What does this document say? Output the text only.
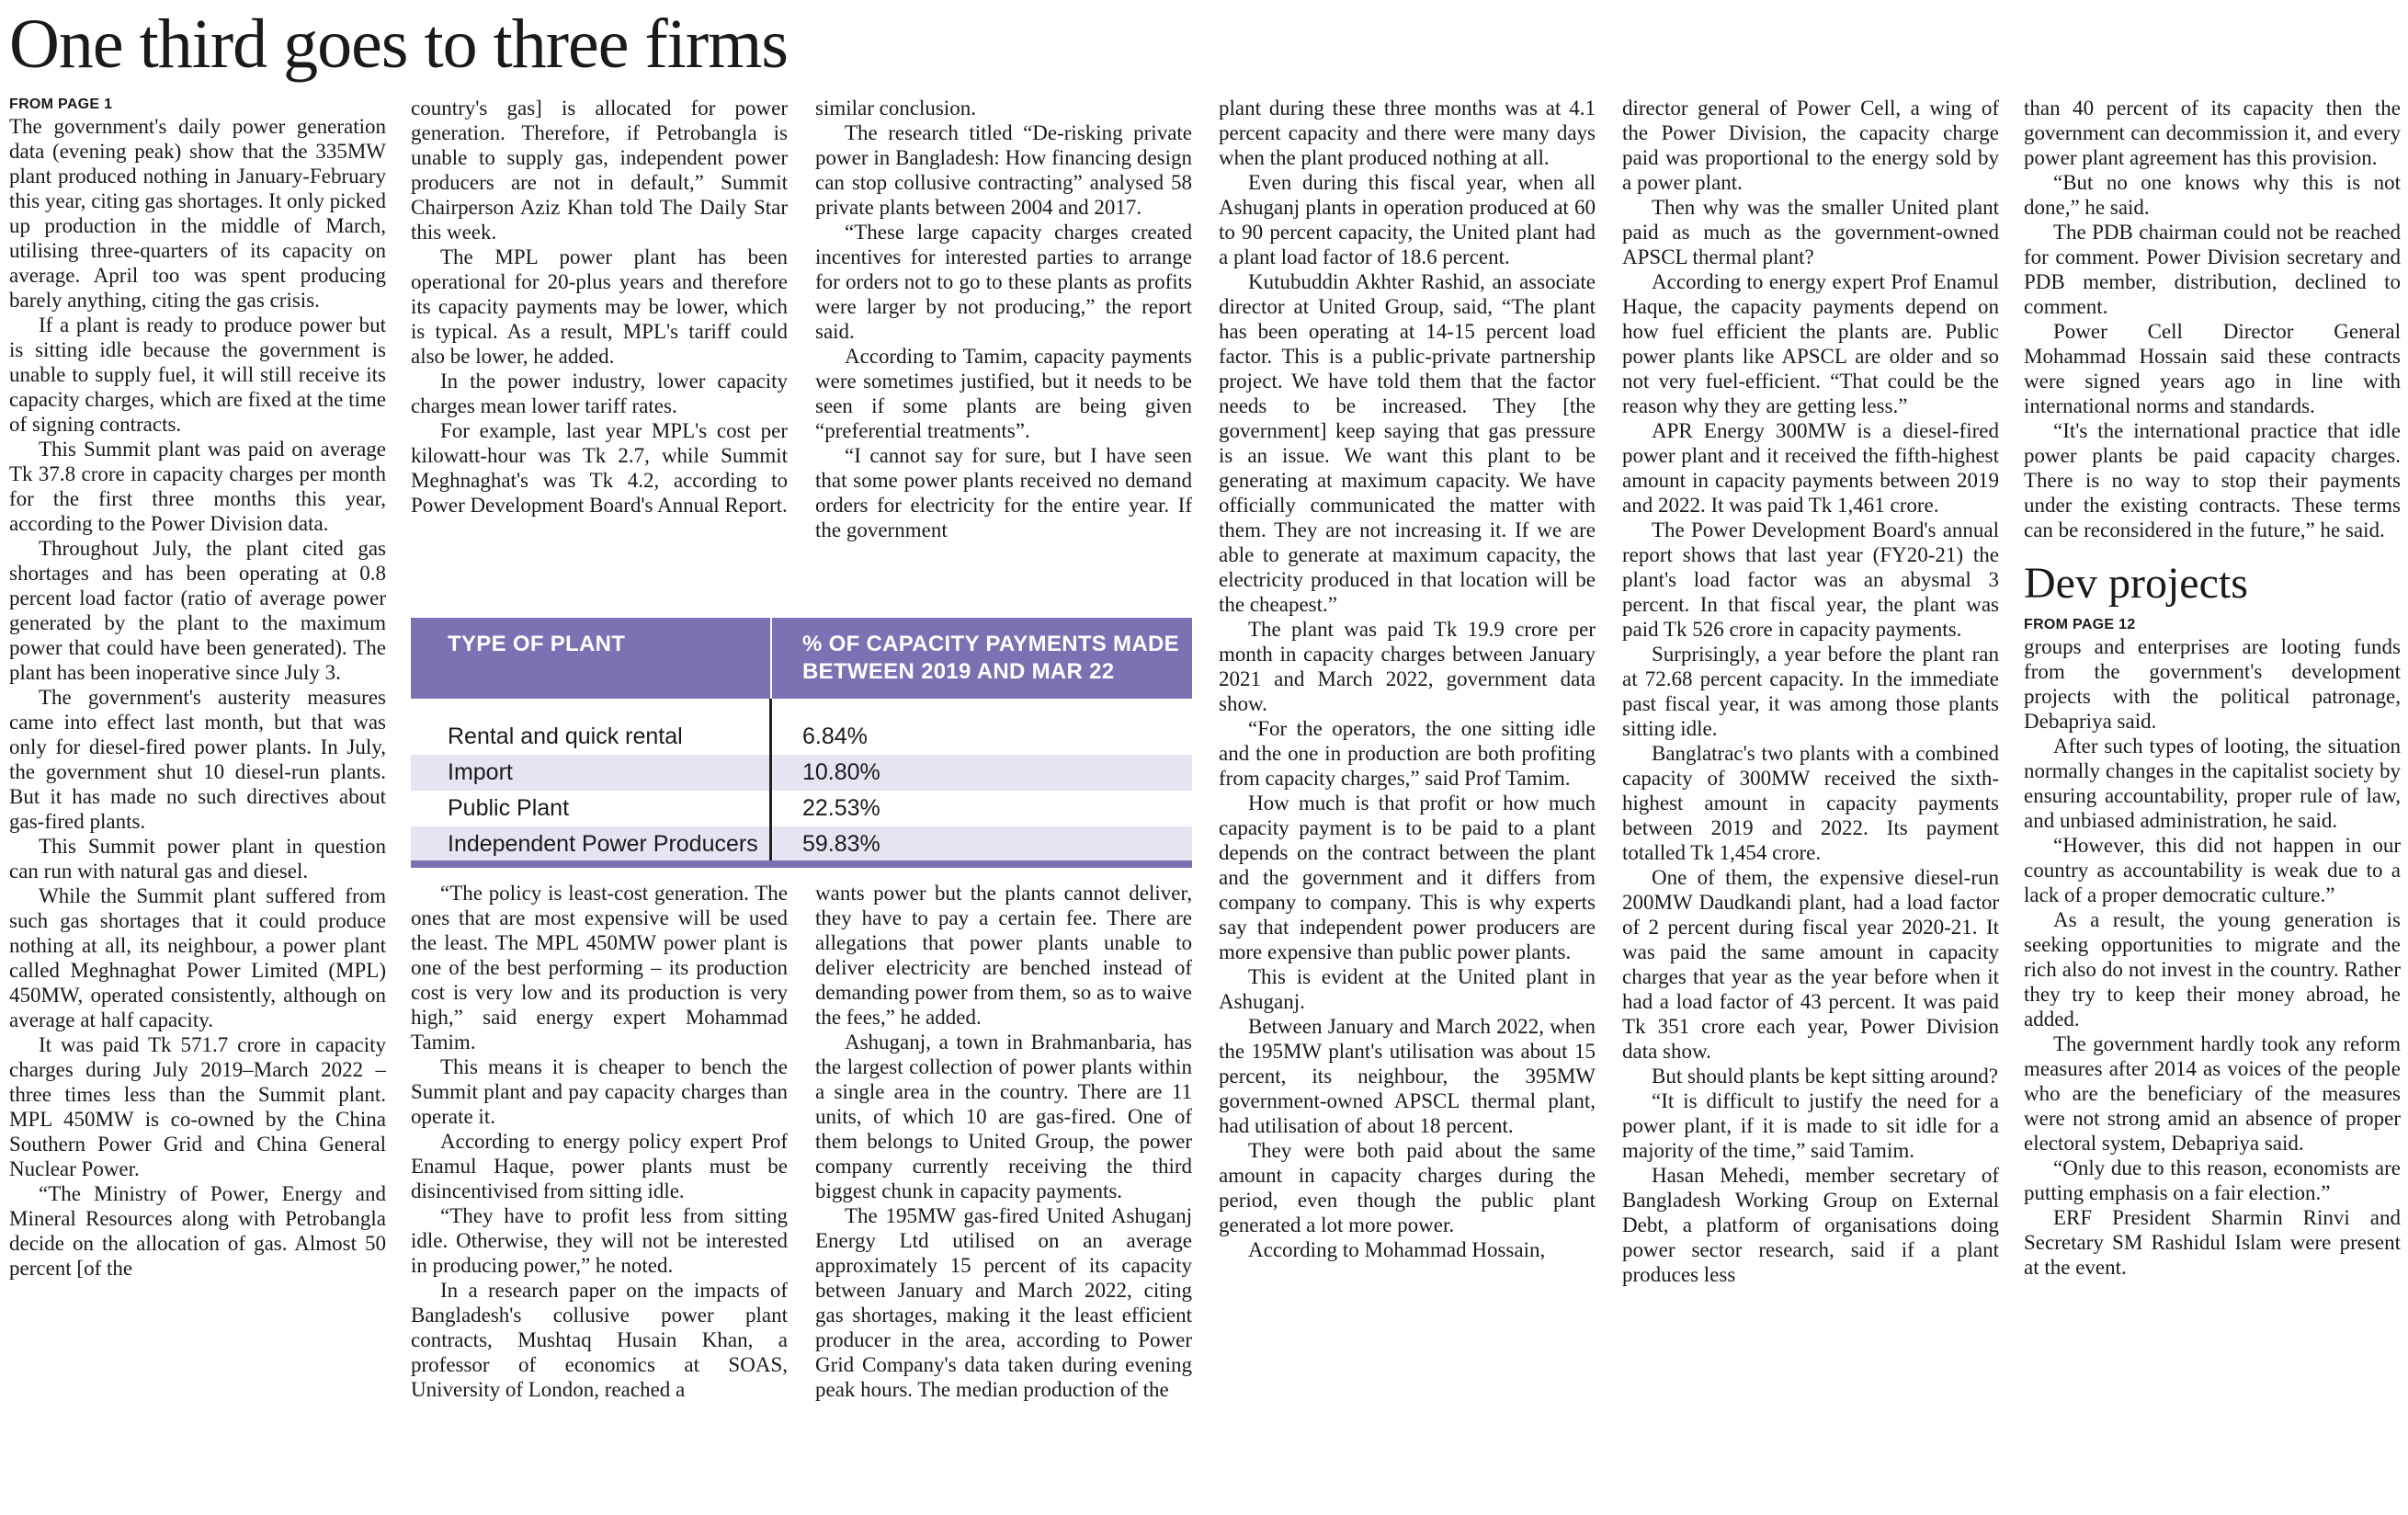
One third goes to three firms

FROM PAGE 1

The government's daily power generation data (evening peak) show that the 335MW plant produced nothing in January-February this year, citing gas shortages. It only picked up production in the middle of March, utilising three-quarters of its capacity on average. April too was spent producing barely anything, citing the gas crisis.

If a plant is ready to produce power but is sitting idle because the government is unable to supply fuel, it will still receive its capacity charges, which are fixed at the time of signing contracts.

This Summit plant was paid on average Tk 37.8 crore in capacity charges per month for the first three months this year, according to the Power Division data.

Throughout July, the plant cited gas shortages and has been operating at 0.8 percent load factor (ratio of average power generated by the plant to the maximum power that could have been generated). The plant has been inoperative since July 3.

The government's austerity measures came into effect last month, but that was only for diesel-fired power plants. In July, the government shut 10 diesel-run plants. But it has made no such directives about gas-fired plants.

This Summit power plant in question can run with natural gas and diesel.

While the Summit plant suffered from such gas shortages that it could produce nothing at all, its neighbour, a power plant called Meghnaghat Power Limited (MPL) 450MW, operated consistently, although on average at half capacity.

It was paid Tk 571.7 crore in capacity charges during July 2019–March 2022 – three times less than the Summit plant. MPL 450MW is co-owned by the China Southern Power Grid and China General Nuclear Power.

“The Ministry of Power, Energy and Mineral Resources along with Petrobangla decide on the allocation of gas. Almost 50 percent [of the

country's gas] is allocated for power generation. Therefore, if Petrobangla is unable to supply gas, independent power producers are not in default,” Summit Chairperson Aziz Khan told The Daily Star this week.

The MPL power plant has been operational for 20-plus years and therefore its capacity payments may be lower, which is typical. As a result, MPL's tariff could also be lower, he added.

In the power industry, lower capacity charges mean lower tariff rates.

For example, last year MPL's cost per kilowatt-hour was Tk 2.7, while Summit Meghnaghat's was Tk 4.2, according to Power Development Board's Annual Report.

similar conclusion.

The research titled “De-risking private power in Bangladesh: How financing design can stop collusive contracting” analysed 58 private plants between 2004 and 2017.

“These large capacity charges created incentives for interested parties to arrange for orders not to go to these plants as profits were larger by not producing,” the report said.

According to Tamim, capacity payments were sometimes justified, but it needs to be seen if some plants are being given “preferential treatments”.

“I cannot say for sure, but I have seen that some power plants received no demand orders for electricity for the entire year. If the government

TYPE OF PLANT	% OF CAPACITY PAYMENTS MADE BETWEEN 2019 AND MAR 22
Rental and quick rental	6.84%
Import	10.80%
Public Plant	22.53%
Independent Power Producers	59.83%

“The policy is least-cost generation. The ones that are most expensive will be used the least. The MPL 450MW power plant is one of the best performing – its production cost is very low and its production is very high,” said energy expert Mohammad Tamim.

This means it is cheaper to bench the Summit plant and pay capacity charges than operate it.

According to energy policy expert Prof Enamul Haque, power plants must be disincentivised from sitting idle.

“They have to profit less from sitting idle. Otherwise, they will not be interested in producing power,” he noted.

In a research paper on the impacts of Bangladesh's collusive power plant contracts, Mushtaq Husain Khan, a professor of economics at SOAS, University of London, reached a

wants power but the plants cannot deliver, they have to pay a certain fee. There are allegations that power plants unable to deliver electricity are benched instead of demanding power from them, so as to waive the fees,” he added.

Ashuganj, a town in Brahmanbaria, has the largest collection of power plants within a single area in the country. There are 11 units, of which 10 are gas-fired. One of them belongs to United Group, the power company currently receiving the third biggest chunk in capacity payments.

The 195MW gas-fired United Ashuganj Energy Ltd utilised on an average approximately 15 percent of its capacity between January and March 2022, citing gas shortages, making it the least efficient producer in the area, according to Power Grid Company's data taken during evening peak hours. The median production of the

plant during these three months was at 4.1 percent capacity and there were many days when the plant produced nothing at all.

Even during this fiscal year, when all Ashuganj plants in operation produced at 60 to 90 percent capacity, the United plant had a plant load factor of 18.6 percent.

Kutubuddin Akhter Rashid, an associate director at United Group, said, “The plant has been operating at 14-15 percent load factor. This is a public-private partnership project. We have told them that the factor needs to be increased. They [the government] keep saying that gas pressure is an issue. We want this plant to be generating at maximum capacity. We have officially communicated the matter with them. They are not increasing it. If we are able to generate at maximum capacity, the electricity produced in that location will be the cheapest.”

The plant was paid Tk 19.9 crore per month in capacity charges between January 2021 and March 2022, government data show.

“For the operators, the one sitting idle and the one in production are both profiting from capacity charges,” said Prof Tamim.

How much is that profit or how much capacity payment is to be paid to a plant depends on the contract between the plant and the government and it differs from company to company. This is why experts say that independent power producers are more expensive than public power plants.

This is evident at the United plant in Ashuganj.

Between January and March 2022, when the 195MW plant's utilisation was about 15 percent, its neighbour, the 395MW government-owned APSCL thermal plant, had utilisation of about 18 percent.

They were both paid about the same amount in capacity charges during the period, even though the public plant generated a lot more power.

According to Mohammad Hossain,

director general of Power Cell, a wing of the Power Division, the capacity charge paid was proportional to the energy sold by a power plant.

Then why was the smaller United plant paid as much as the government-owned APSCL thermal plant?

According to energy expert Prof Enamul Haque, the capacity payments depend on how fuel efficient the plants are. Public power plants like APSCL are older and so not very fuel-efficient. “That could be the reason why they are getting less.”

APR Energy 300MW is a diesel-fired power plant and it received the fifth-highest amount in capacity payments between 2019 and 2022. It was paid Tk 1,461 crore.

The Power Development Board's annual report shows that last year (FY20-21) the plant's load factor was an abysmal 3 percent. In that fiscal year, the plant was paid Tk 526 crore in capacity payments.

Surprisingly, a year before the plant ran at 72.68 percent capacity. In the immediate past fiscal year, it was among those plants sitting idle.

Banglatrac's two plants with a combined capacity of 300MW received the sixth-highest amount in capacity payments between 2019 and 2022. Its payment totalled Tk 1,454 crore.

One of them, the expensive diesel-run 200MW Daudkandi plant, had a load factor of 2 percent during fiscal year 2020-21. It was paid the same amount in capacity charges that year as the year before when it had a load factor of 43 percent. It was paid Tk 351 crore each year, Power Division data show.

But should plants be kept sitting around?

“It is difficult to justify the need for a power plant, if it is made to sit idle for a majority of the time,” said Tamim.

Hasan Mehedi, member secretary of Bangladesh Working Group on External Debt, a platform of organisations doing power sector research, said if a plant produces less

than 40 percent of its capacity then the government can decommission it, and every power plant agreement has this provision.

“But no one knows why this is not done,” he said.

The PDB chairman could not be reached for comment. Power Division secretary and PDB member, distribution, declined to comment.

Power Cell Director General Mohammad Hossain said these contracts were signed years ago in line with international norms and standards.

“It's the international practice that idle power plants be paid capacity charges. There is no way to stop their payments under the existing contracts. These terms can be reconsidered in the future,” he said.

Dev projects

FROM PAGE 12

groups and enterprises are looting funds from the government's development projects with the political patronage, Debapriya said.

After such types of looting, the situation normally changes in the capitalist society by ensuring accountability, proper rule of law, and unbiased administration, he said.

“However, this did not happen in our country as accountability is weak due to a lack of a proper democratic culture.”

As a result, the young generation is seeking opportunities to migrate and the rich also do not invest in the country. Rather they try to keep their money abroad, he added.

The government hardly took any reform measures after 2014 as voices of the people who are the beneficiary of the measures were not strong amid an absence of proper electoral system, Debapriya said.

“Only due to this reason, economists are putting emphasis on a fair election.”

ERF President Sharmin Rinvi and Secretary SM Rashidul Islam were present at the event.
